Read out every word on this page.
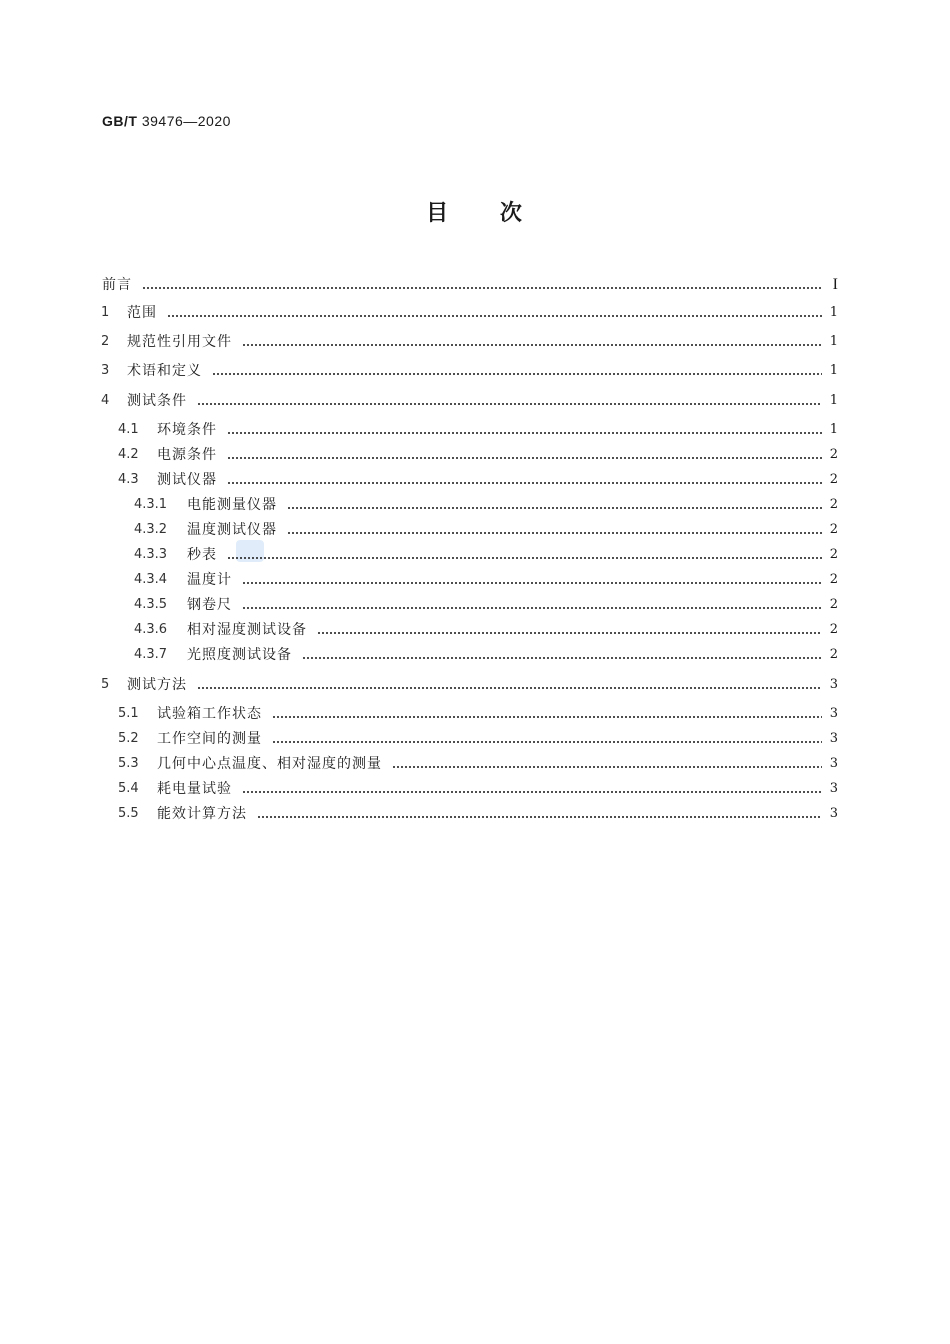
GB/T 39476—2020
目 次
前言	I
1	范围	1
2	规范性引用文件	1
3	术语和定义	1
4	测试条件	1
4.1	环境条件	1
4.2	电源条件	2
4.3	测试仪器	2
4.3.1	电能测量仪器	2
4.3.2	温度测试仪器	2
4.3.3	秒表	2
4.3.4	温度计	2
4.3.5	钢卷尺	2
4.3.6	相对湿度测试设备	2
4.3.7	光照度测试设备	2
5	测试方法	3
5.1	试验箱工作状态	3
5.2	工作空间的测量	3
5.3	几何中心点温度、相对湿度的测量	3
5.4	耗电量试验	3
5.5	能效计算方法	3
